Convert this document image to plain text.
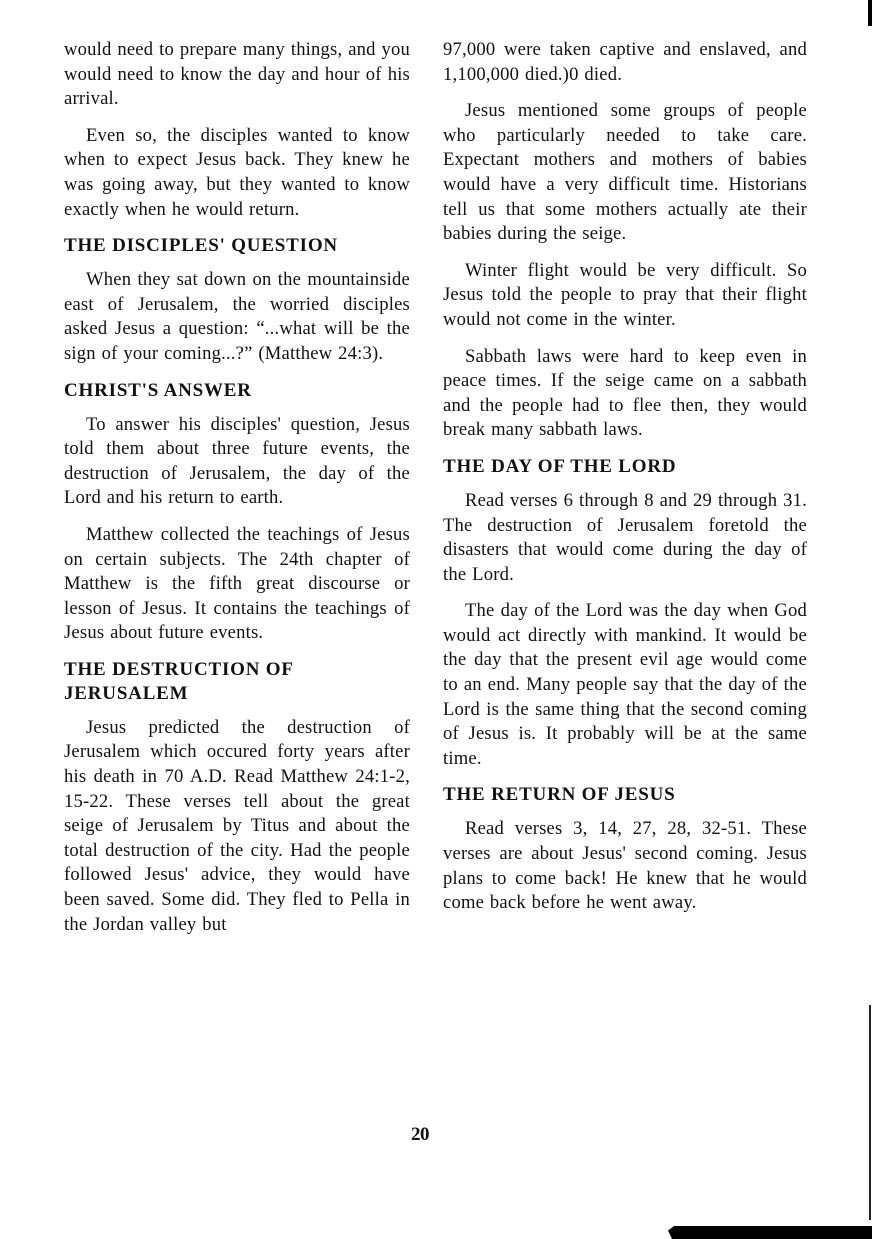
would need to prepare many things, and you would need to know the day and hour of his arrival.

Even so, the disciples wanted to know when to expect Jesus back. They knew he was going away, but they wanted to know exactly when he would return.

THE DISCIPLES' QUESTION

When they sat down on the mountainside east of Jerusalem, the worried disciples asked Jesus a question: “...what will be the sign of your coming...?” (Matthew 24:3).

CHRIST'S ANSWER

To answer his disciples' question, Jesus told them about three future events, the destruction of Jerusalem, the day of the Lord and his return to earth.

Matthew collected the teachings of Jesus on certain subjects. The 24th chapter of Matthew is the fifth great discourse or lesson of Jesus. It contains the teachings of Jesus about future events.

THE DESTRUCTION OF JERUSALEM

Jesus predicted the destruction of Jerusalem which occured forty years after his death in 70 A.D. Read Matthew 24:1-2, 15-22. These verses tell about the great seige of Jerusalem by Titus and about the total destruction of the city. Had the people followed Jesus' advice, they would have been saved. Some did. They fled to Pella in the Jordan valley but

97,000 were taken captive and enslaved, and 1,100,000 died.)0 died.

Jesus mentioned some groups of people who particularly needed to take care. Expectant mothers and mothers of babies would have a very difficult time. Historians tell us that some mothers actually ate their babies during the seige.

Winter flight would be very difficult. So Jesus told the people to pray that their flight would not come in the winter.

Sabbath laws were hard to keep even in peace times. If the seige came on a sabbath and the people had to flee then, they would break many sabbath laws.

THE DAY OF THE LORD

Read verses 6 through 8 and 29 through 31. The destruction of Jerusalem foretold the disasters that would come during the day of the Lord.

The day of the Lord was the day when God would act directly with mankind. It would be the day that the present evil age would come to an end. Many people say that the day of the Lord is the same thing that the second coming of Jesus is. It probably will be at the same time.

THE RETURN OF JESUS

Read verses 3, 14, 27, 28, 32-51. These verses are about Jesus' second coming. Jesus plans to come back! He knew that he would come back before he went away.

20
